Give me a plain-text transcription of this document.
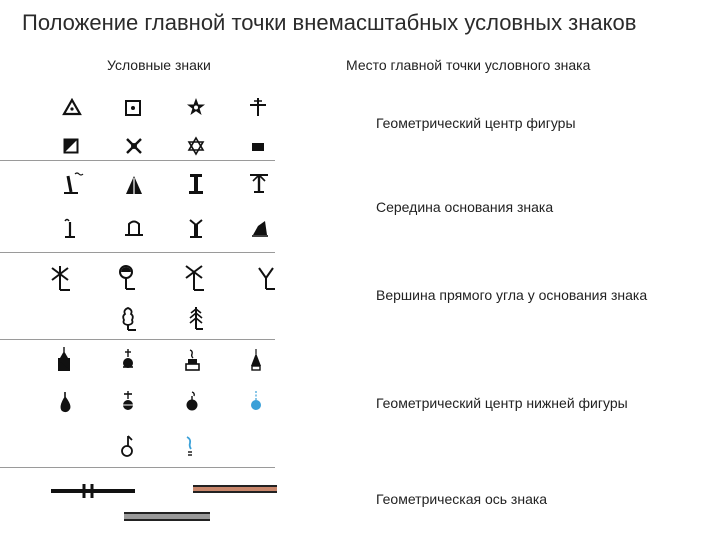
Положение главной точки внемасштабных условных знаков
Условные знаки	Место главной точки условного знака
Геометрический центр фигуры
Середина основания знака
Вершина прямого угла у основания знака
Геометрический центр нижней фигуры
Геометрическая ось знака
